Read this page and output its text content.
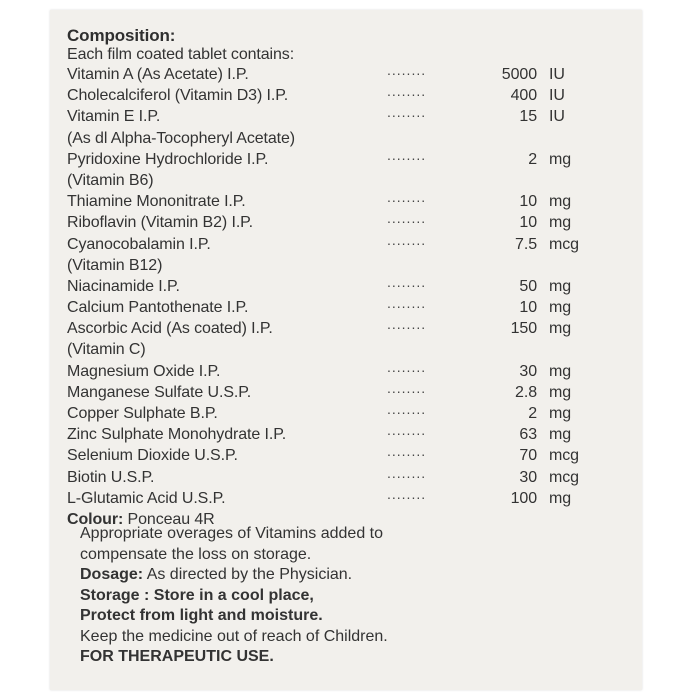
Composition:
Each film coated tablet contains:
Vitamin A (As Acetate) I.P.	........	5000 IU
Cholecalciferol (Vitamin D3) I.P.	........	400 IU
Vitamin E I.P.	........	15 IU
(As dl Alpha-Tocopheryl Acetate)
Pyridoxine Hydrochloride I.P.	........	2 mg
(Vitamin B6)
Thiamine Mononitrate I.P.	........	10 mg
Riboflavin (Vitamin B2) I.P.	........	10 mg
Cyanocobalamin I.P.	........	7.5 mcg
(Vitamin B12)
Niacinamide I.P.	........	50 mg
Calcium Pantothenate I.P.	........	10 mg
Ascorbic Acid (As coated) I.P.	........	150 mg
(Vitamin C)
Magnesium Oxide I.P.	........	30 mg
Manganese Sulfate U.S.P.	........	2.8 mg
Copper Sulphate B.P.	........	2 mg
Zinc Sulphate Monohydrate I.P.	........	63 mg
Selenium Dioxide U.S.P.	........	70 mcg
Biotin U.S.P.	........	30 mcg
L-Glutamic Acid U.S.P.	........	100 mg
Colour: Ponceau 4R
Appropriate overages of Vitamins added to
compensate the loss on storage.
Dosage: As directed by the Physician.
Storage : Store in a cool place,
Protect from light and moisture.
Keep the medicine out of reach of Children.
FOR THERAPEUTIC USE.
